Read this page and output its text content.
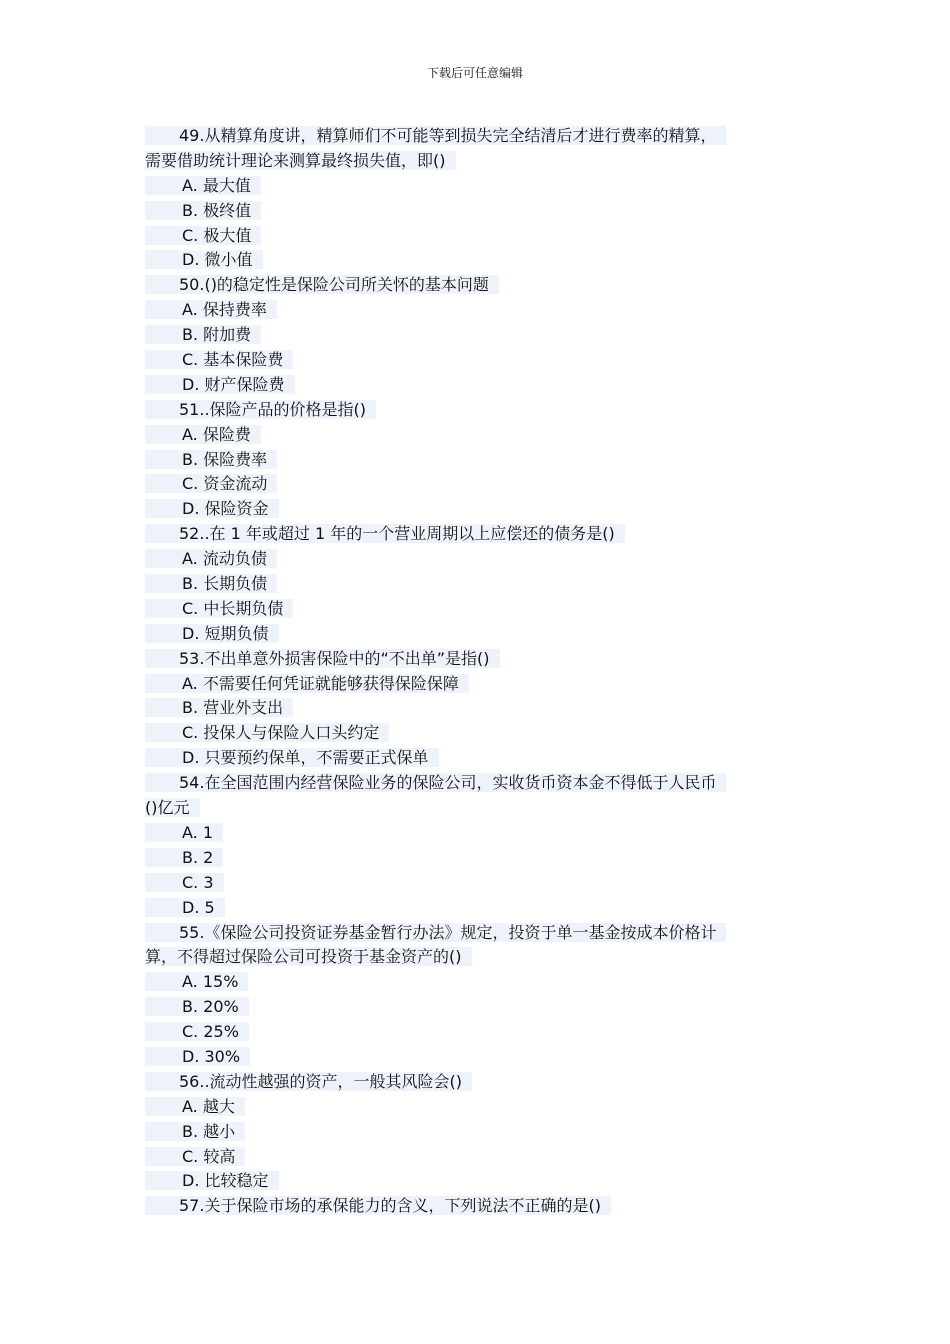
下载后可任意编辑
49.从精算角度讲，精算师们不可能等到损失完全结清后才进行费率的精算，
需要借助统计理论来测算最终损失值，即()
A. 最大值
B. 极终值
C. 极大值
D. 微小值
50.()的稳定性是保险公司所关怀的基本问题
A. 保持费率
B. 附加费
C. 基本保险费
D. 财产保险费
51..保险产品的价格是指()
A. 保险费
B. 保险费率
C. 资金流动
D. 保险资金
52..在 1 年或超过 1 年的一个营业周期以上应偿还的债务是()
A. 流动负债
B. 长期负债
C. 中长期负债
D. 短期负债
53.不出单意外损害保险中的“不出单”是指()
A. 不需要任何凭证就能够获得保险保障
B. 营业外支出
C. 投保人与保险人口头约定
D. 只要预约保单，不需要正式保单
54.在全国范围内经营保险业务的保险公司，实收货币资本金不得低于人民币
()亿元
A. 1
B. 2
C. 3
D. 5
55.《保险公司投资证券基金暂行办法》规定，投资于单一基金按成本价格计
算，不得超过保险公司可投资于基金资产的()
A. 15%
B. 20%
C. 25%
D. 30%
56..流动性越强的资产，一般其风险会()
A. 越大
B. 越小
C. 较高
D. 比较稳定
57.关于保险市场的承保能力的含义，下列说法不正确的是()
